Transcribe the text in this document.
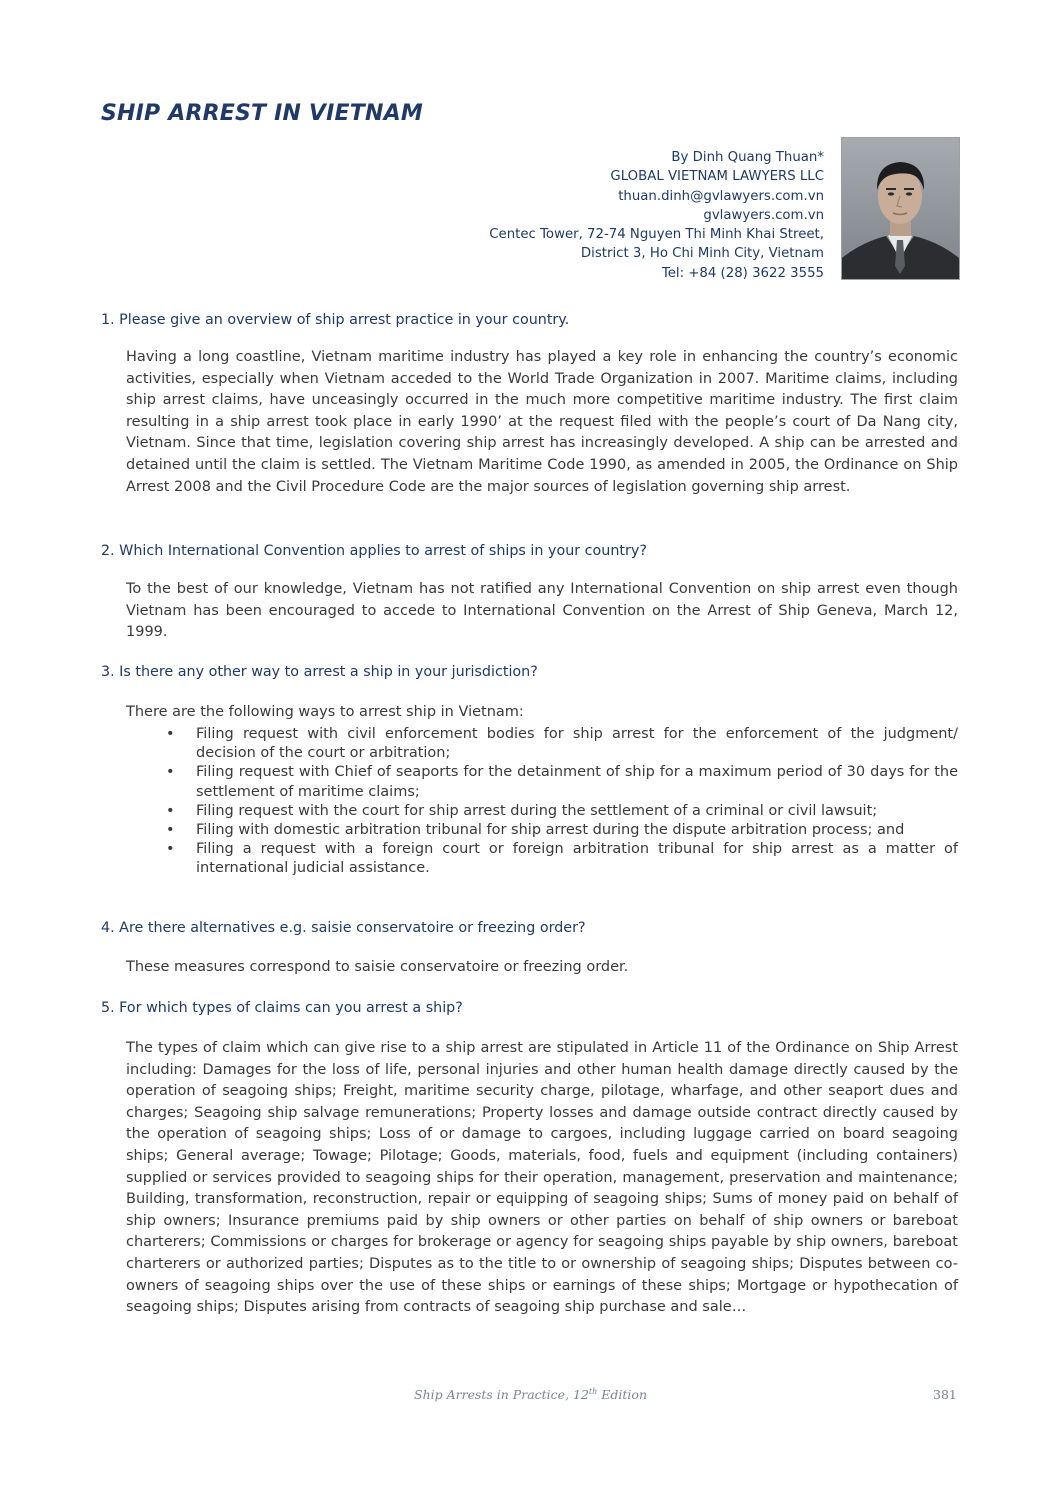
SHIP ARREST IN VIETNAM
By Dinh Quang Thuan*
GLOBAL VIETNAM LAWYERS LLC
thuan.dinh@gvlawyers.com.vn
gvlawyers.com.vn
Centec Tower, 72-74 Nguyen Thi Minh Khai Street,
District 3, Ho Chi Minh City, Vietnam
Tel: +84 (28) 3622 3555
1. Please give an overview of ship arrest practice in your country.

Having a long coastline, Vietnam maritime industry has played a key role in enhancing the country’s economic activities, especially when Vietnam acceded to the World Trade Organization in 2007. Maritime claims, including ship arrest claims, have unceasingly occurred in the much more competitive maritime industry. The first claim resulting in a ship arrest took place in early 1990’ at the request filed with the people’s court of Da Nang city, Vietnam. Since that time, legislation covering ship arrest has increasingly developed. A ship can be arrested and detained until the claim is settled. The Vietnam Maritime Code 1990, as amended in 2005, the Ordinance on Ship Arrest 2008 and the Civil Procedure Code are the major sources of legislation governing ship arrest.

2. Which International Convention applies to arrest of ships in your country?

To the best of our knowledge, Vietnam has not ratified any International Convention on ship arrest even though Vietnam has been encouraged to accede to International Convention on the Arrest of Ship Geneva, March 12, 1999.

3. Is there any other way to arrest a ship in your jurisdiction?

There are the following ways to arrest ship in Vietnam:

• Filing request with civil enforcement bodies for ship arrest for the enforcement of the judgment/ decision of the court or arbitration;
• Filing request with Chief of seaports for the detainment of ship for a maximum period of 30 days for the settlement of maritime claims;
• Filing request with the court for ship arrest during the settlement of a criminal or civil lawsuit;
• Filing with domestic arbitration tribunal for ship arrest during the dispute arbitration process; and
• Filing a request with a foreign court or foreign arbitration tribunal for ship arrest as a matter of international judicial assistance.
4. Are there alternatives e.g. saisie conservatoire or freezing order?

These measures correspond to saisie conservatoire or freezing order.

5. For which types of claims can you arrest a ship?

The types of claim which can give rise to a ship arrest are stipulated in Article 11 of the Ordinance on Ship Arrest including: Damages for the loss of life, personal injuries and other human health damage directly caused by the operation of seagoing ships; Freight, maritime security charge, pilotage, wharfage, and other seaport dues and charges; Seagoing ship salvage remunerations; Property losses and damage outside contract directly caused by the operation of seagoing ships; Loss of or damage to cargoes, including luggage carried on board seagoing ships; General average; Towage; Pilotage; Goods, materials, food, fuels and equipment (including containers) supplied or services provided to seagoing ships for their operation, management, preservation and maintenance; Building, transformation, reconstruction, repair or equipping of seagoing ships; Sums of money paid on behalf of ship owners; Insurance premiums paid by ship owners or other parties on behalf of ship owners or bareboat charterers; Commissions or charges for brokerage or agency for seagoing ships payable by ship owners, bareboat charterers or authorized parties; Disputes as to the title to or ownership of seagoing ships; Disputes between co-owners of seagoing ships over the use of these ships or earnings of these ships; Mortgage or hypothecation of seagoing ships; Disputes arising from contracts of seagoing ship purchase and sale…

Ship Arrests in Practice, 12th Edition	381
